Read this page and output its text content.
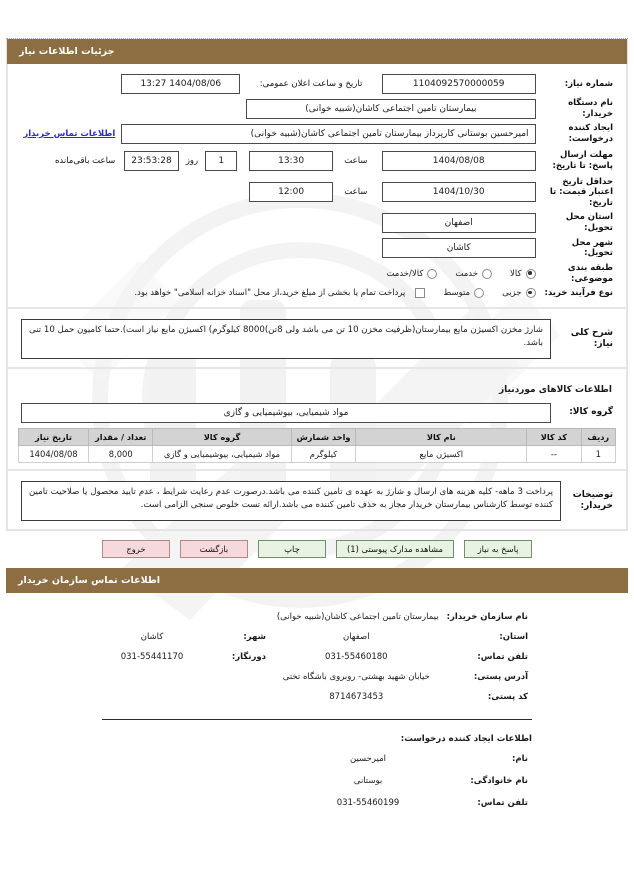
جزئیات اطلاعات نیاز
شماره نیاز:	
1104092570000059
	تاریخ و ساعت اعلان عمومی:	
1404/08/06 13:27

نام دستگاه خریدار:	
بیمارستان تامین اجتماعی کاشان(شبیه خوانی)

ایجاد کننده درخواست:	
امیرحسین بوستانی کارپرداز بیمارستان تامین اجتماعی کاشان(شبیه خوانی)
	اطلاعات تماس خریدار
مهلت ارسال پاسخ: تا تاریخ:	
1404/08/08

ساعت	
13:30

1
	روز	
23:53:28
	ساعت باقی‌مانده
حداقل تاریخ اعتبار قیمت: تا تاریخ:	
1404/10/30

ساعت	
12:00

استان محل تحویل:	
اصفهان

شهر محل تحویل:	
کاشان

طبقه بندی موضوعی:	
کالا
خدمت
کالا/خدمت

نوع فرآیند خرید:	
جزیی
متوسط
پرداخت تمام یا بخشی از مبلغ خرید،از محل "اسناد خزانه اسلامی" خواهد بود.
شرح کلی نیاز:	
شارژ مخزن اکسیژن مایع بیمارستان(ظرفیت مخزن 10 تن می باشد ولی 8تن)8000 کیلوگرم) اکسیژن مایع نیاز است).حتما کامیون حمل 10 تنی باشد.
اطلاعات کالاهای موردنیاز
گروه کالا:	
مواد شیمیایی، بیوشیمیایی و گازی
ردیف	کد کالا	نام کالا	واحد شمارش	گروه کالا	تعداد / مقدار	تاریخ نیاز
1	--	اکسیژن مایع	کیلوگرم	مواد شیمیایی، بیوشیمیایی و گازی	8,000	1404/08/08
توضیحات خریدار:	
پرداخت 3 ماهه- کلیه هزینه های ارسال و شارژ به عهده ی تامین کننده می باشد.درصورت عدم رعایت شرایط ، عدم تایید محصول یا صلاحیت تامین کننده توسط کارشناس بیمارستان خریدار مجاز به حذف تامین کننده می باشد.ارائه تست خلوص سنجی الزامی است.
پاسخ به نیاز
مشاهده مدارک پیوستی (1)
چاپ
بازگشت
خروج
اطلاعات تماس سازمان خریدار
نام سازمان خریدار:	بیمارستان تامین اجتماعی کاشان(شبیه خوانی)		
استان:	اصفهان	شهر:	کاشان
تلفن تماس:	031-55460180	دورنگار:	031-55441170
آدرس پستی:	خیابان شهید بهشتی- روبروی باشگاه تختی		
کد پستی:	8714673453		
اطلاعات ایجاد کننده درخواست:
نام:	امیرحسین	
نام خانوادگی:	بوستانی	
تلفن تماس:	031-55460199	
